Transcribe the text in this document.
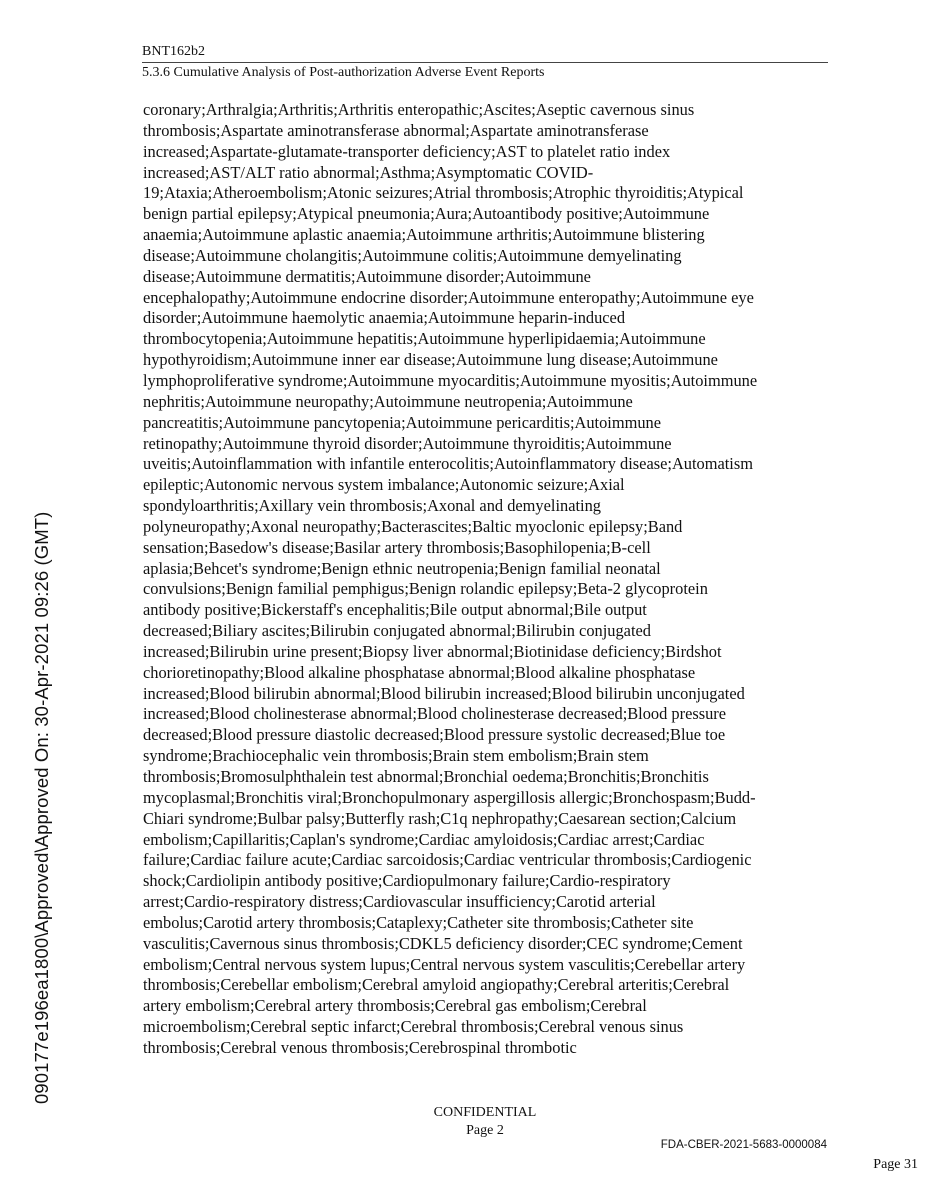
BNT162b2

5.3.6 Cumulative Analysis of Post-authorization Adverse Event Reports

coronary;Arthralgia;Arthritis;Arthritis enteropathic;Ascites;Aseptic cavernous sinus
thrombosis;Aspartate aminotransferase abnormal;Aspartate aminotransferase
increased;Aspartate-glutamate-transporter deficiency;AST to platelet ratio index
increased;AST/ALT ratio abnormal;Asthma;Asymptomatic COVID-
19;Ataxia;Atheroembolism;Atonic seizures;Atrial thrombosis;Atrophic thyroiditis;Atypical
benign partial epilepsy;Atypical pneumonia;Aura;Autoantibody positive;Autoimmune
anaemia;Autoimmune aplastic anaemia;Autoimmune arthritis;Autoimmune blistering
disease;Autoimmune cholangitis;Autoimmune colitis;Autoimmune demyelinating
disease;Autoimmune dermatitis;Autoimmune disorder;Autoimmune
encephalopathy;Autoimmune endocrine disorder;Autoimmune enteropathy;Autoimmune eye
disorder;Autoimmune haemolytic anaemia;Autoimmune heparin-induced
thrombocytopenia;Autoimmune hepatitis;Autoimmune hyperlipidaemia;Autoimmune
hypothyroidism;Autoimmune inner ear disease;Autoimmune lung disease;Autoimmune
lymphoproliferative syndrome;Autoimmune myocarditis;Autoimmune myositis;Autoimmune
nephritis;Autoimmune neuropathy;Autoimmune neutropenia;Autoimmune
pancreatitis;Autoimmune pancytopenia;Autoimmune pericarditis;Autoimmune
retinopathy;Autoimmune thyroid disorder;Autoimmune thyroiditis;Autoimmune
uveitis;Autoinflammation with infantile enterocolitis;Autoinflammatory disease;Automatism
epileptic;Autonomic nervous system imbalance;Autonomic seizure;Axial
spondyloarthritis;Axillary vein thrombosis;Axonal and demyelinating
polyneuropathy;Axonal neuropathy;Bacterascites;Baltic myoclonic epilepsy;Band
sensation;Basedow's disease;Basilar artery thrombosis;Basophilopenia;B-cell
aplasia;Behcet's syndrome;Benign ethnic neutropenia;Benign familial neonatal
convulsions;Benign familial pemphigus;Benign rolandic epilepsy;Beta-2 glycoprotein
antibody positive;Bickerstaff's encephalitis;Bile output abnormal;Bile output
decreased;Biliary ascites;Bilirubin conjugated abnormal;Bilirubin conjugated
increased;Bilirubin urine present;Biopsy liver abnormal;Biotinidase deficiency;Birdshot
chorioretinopathy;Blood alkaline phosphatase abnormal;Blood alkaline phosphatase
increased;Blood bilirubin abnormal;Blood bilirubin increased;Blood bilirubin unconjugated
increased;Blood cholinesterase abnormal;Blood cholinesterase decreased;Blood pressure
decreased;Blood pressure diastolic decreased;Blood pressure systolic decreased;Blue toe
syndrome;Brachiocephalic vein thrombosis;Brain stem embolism;Brain stem
thrombosis;Bromosulphthalein test abnormal;Bronchial oedema;Bronchitis;Bronchitis
mycoplasmal;Bronchitis viral;Bronchopulmonary aspergillosis allergic;Bronchospasm;Budd-
Chiari syndrome;Bulbar palsy;Butterfly rash;C1q nephropathy;Caesarean section;Calcium
embolism;Capillaritis;Caplan's syndrome;Cardiac amyloidosis;Cardiac arrest;Cardiac
failure;Cardiac failure acute;Cardiac sarcoidosis;Cardiac ventricular thrombosis;Cardiogenic
shock;Cardiolipin antibody positive;Cardiopulmonary failure;Cardio-respiratory
arrest;Cardio-respiratory distress;Cardiovascular insufficiency;Carotid arterial
embolus;Carotid artery thrombosis;Cataplexy;Catheter site thrombosis;Catheter site
vasculitis;Cavernous sinus thrombosis;CDKL5 deficiency disorder;CEC syndrome;Cement
embolism;Central nervous system lupus;Central nervous system vasculitis;Cerebellar artery
thrombosis;Cerebellar embolism;Cerebral amyloid angiopathy;Cerebral arteritis;Cerebral
artery embolism;Cerebral artery thrombosis;Cerebral gas embolism;Cerebral
microembolism;Cerebral septic infarct;Cerebral thrombosis;Cerebral venous sinus
thrombosis;Cerebral venous thrombosis;Cerebrospinal thrombotic

090177e196ea1800\Approved\Approved On: 30-Apr-2021 09:26 (GMT)
CONFIDENTIAL
Page 2
FDA-CBER-2021-5683-0000084
Page 31
